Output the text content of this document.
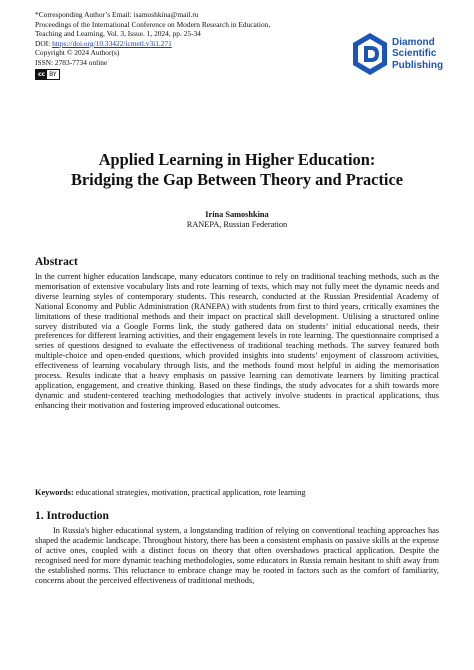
*Corresponding Author’s Email: isamoshkina@mail.ru
Proceedings of the International Conference on Modern Research in Education,
Teaching and Learning, Vol. 3, Issue. 1, 2024, pp. 25-34
DOI: https://doi.org/10.33422/icmetl.v3i1.271
Copyright © 2024 Author(s)
ISSN: 2783-7734 online
cc BY
Diamond
Scientific
Publishing
Applied Learning in Higher Education:
Bridging the Gap Between Theory and Practice
Irina Samoshkina
RANEPA, Russian Federation
Abstract
In the current higher education landscape, many educators continue to rely on traditional teaching methods, such as the memorisation of extensive vocabulary lists and rote learning of texts, which may not fully meet the dynamic needs and diverse learning styles of contemporary students. This research, conducted at the Russian Presidential Academy of National Economy and Public Administration (RANEPA) with students from first to third years, critically examines the limitations of these traditional methods and their impact on practical skill development. Utilising a structured online survey distributed via a Google Forms link, the study gathered data on students’ initial educational needs, their preferences for different learning activities, and their engagement levels in rote learning. The questionnaire comprised a series of questions designed to evaluate the effectiveness of traditional teaching methods. The survey featured both multiple-choice and open-ended questions, which provided insights into students’ enjoyment of classroom activities, effectiveness of learning vocabulary through lists, and the methods found most helpful in aiding the memorisation process. Results indicate that a heavy emphasis on passive learning can demotivate learners by limiting practical application, engagement, and creative thinking. Based on these findings, the study advocates for a shift towards more dynamic and student-centered teaching methodologies that actively involve students in practical applications, thus enhancing their motivation and fostering improved educational outcomes.
Keywords: educational strategies, motivation, practical application, rote learning
1. Introduction
In Russia's higher educational system, a longstanding tradition of relying on conventional teaching approaches has shaped the academic landscape. Throughout history, there has been a consistent emphasis on passive skills at the expense of active ones, coupled with a distinct focus on theory that often overshadows practical application. Despite the recognised need for more dynamic teaching methodologies, some educators in Russia remain hesitant to shift away from the established norms. This reluctance to embrace change may be rooted in factors such as the comfort of familiarity, concerns about the perceived effectiveness of traditional methods,
